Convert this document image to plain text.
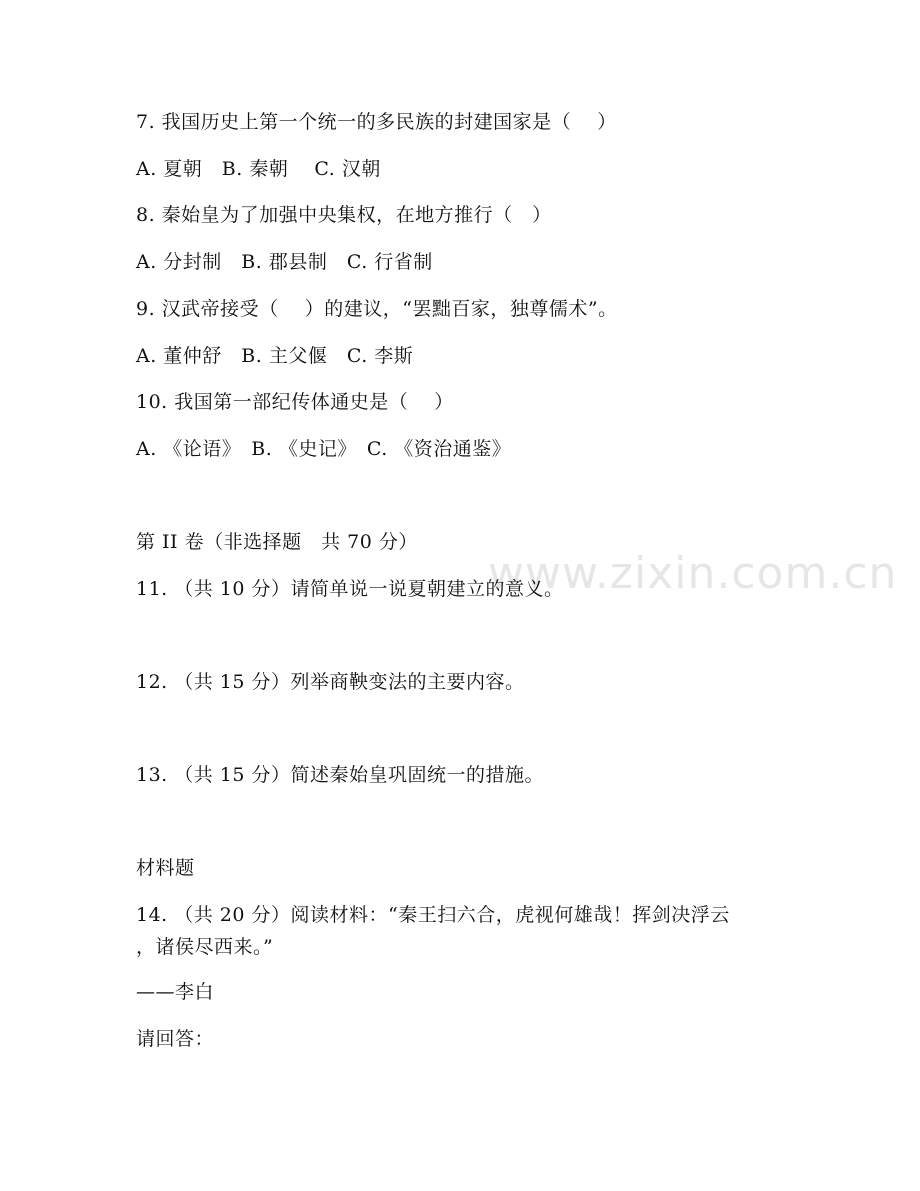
www.zixin.com.cn
7. 我国历史上第一个统一的多民族的封建国家是（　 ）
A. 夏朝　B. 秦朝　 C. 汉朝
8. 秦始皇为了加强中央集权，在地方推行（　）
A. 分封制　B. 郡县制　C. 行省制
9. 汉武帝接受（　 ）的建议，“罢黜百家，独尊儒术”。
A. 董仲舒　B. 主父偃　C. 李斯
10. 我国第一部纪传体通史是（　 ）
A. 《论语》　B. 《史记》　C. 《资治通鉴》
第 II 卷（非选择题　共 70 分）
11. （共 10 分）请简单说一说夏朝建立的意义。
12. （共 15 分）列举商鞅变法的主要内容。
13. （共 15 分）简述秦始皇巩固统一的措施。
材料题
14. （共 20 分）阅读材料：“秦王扫六合，虎视何雄哉！挥剑决浮云
，诸侯尽西来。”
——李白
请回答：
